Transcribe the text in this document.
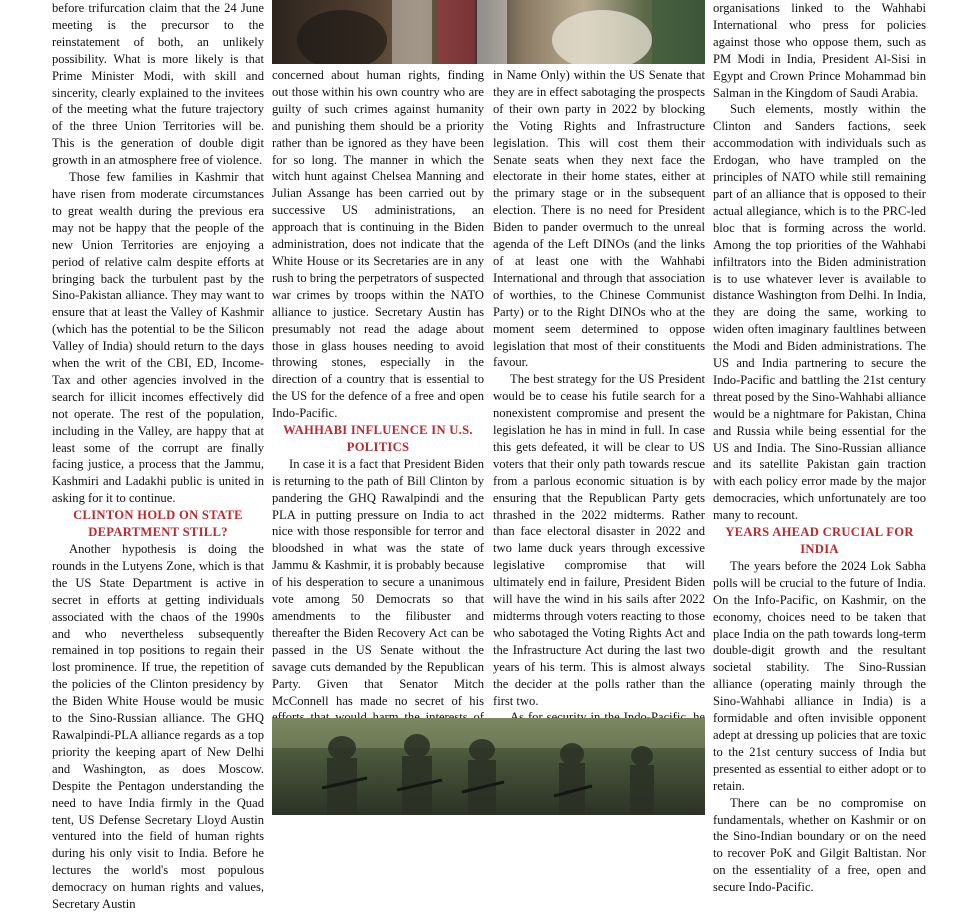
before trifurcation claim that the 24 June meeting is the precursor to the reinstatement of both, an unlikely possibility. What is more likely is that Prime Minister Modi, with skill and sincerity, clearly explained to the invitees of the meeting what the future trajectory of the three Union Territories will be. This is the generation of double digit growth in an atmosphere free of violence.

Those few families in Kashmir that have risen from moderate circumstances to great wealth during the previous era may not be happy that the people of the new Union Territories are enjoying a period of relative calm despite efforts at bringing back the turbulent past by the Sino-Pakistan alliance. They may want to ensure that at least the Valley of Kashmir (which has the potential to be the Silicon Valley of India) should return to the days when the writ of the CBI, ED, Income-Tax and other agencies involved in the search for illicit incomes effectively did not operate. The rest of the population, including in the Valley, are happy that at least some of the corrupt are finally facing justice, a process that the Jammu, Kashmiri and Ladakhi public is united in asking for it to continue.

CLINTON HOLD ON STATE DEPARTMENT STILL?

Another hypothesis is doing the rounds in the Lutyens Zone, which is that the US State Department is active in secret in efforts at getting individuals associated with the chaos of the 1990s and who nevertheless subsequently remained in top positions to regain their lost prominence. If true, the repetition of the policies of the Clinton presidency by the Biden White House would be music to the Sino-Russian alliance. The GHQ Rawalpindi-PLA alliance regards as a top priority the keeping apart of New Delhi and Washington, as does Moscow. Despite the Pentagon understanding the need to have India firmly in the Quad tent, US Defense Secretary Lloyd Austin ventured into the field of human rights during his only visit to India. Before he lectures the world's most populous democracy on human rights and values, Secretary Austin

concerned about human rights, finding out those within his own country who are guilty of such crimes against humanity and punishing them should be a priority rather than be ignored as they have been for so long. The manner in which the witch hunt against Chelsea Manning and Julian Assange has been carried out by successive US administrations, an approach that is continuing in the Biden administration, does not indicate that the White House or its Secretaries are in any rush to bring the perpetrators of suspected war crimes by troops within the NATO alliance to justice. Secretary Austin has presumably not read the adage about those in glass houses needing to avoid throwing stones, especially in the direction of a country that is essential to the US for the defence of a free and open Indo-Pacific.

WAHHABI INFLUENCE IN U.S. POLITICS

In case it is a fact that President Biden is returning to the path of Bill Clinton by pandering the GHQ Rawalpindi and the PLA in putting pressure on India to act nice with those responsible for terror and bloodshed in what was the state of Jammu & Kashmir, it is probably because of his desperation to secure a unanimous vote among 50 Democrats so that amendments to the filibuster and thereafter the Biden Recovery Act can be passed in the US Senate without the savage cuts demanded by the Republican Party. Given that Senator Mitch McConnell has made no secret of his

in Name Only) within the US Senate that they are in effect sabotaging the prospects of their own party in 2022 by blocking the Voting Rights and Infrastructure legislation. This will cost them their Senate seats when they next face the electorate in their home states, either at the primary stage or in the subsequent election. There is no need for President Biden to pander overmuch to the unreal agenda of the Left DINOs (and the links of at least one with the Wahhabi International and through that association of worthies, to the Chinese Communist Party) or to the Right DINOs who at the moment seem determined to oppose legislation that most of their constituents favour.

The best strategy for the US President would be to cease his futile search for a nonexistent compromise and present the legislation he has in mind in full. In case this gets defeated, it will be clear to US voters that their only path towards rescue from a parlous economic situation is by ensuring that the Republican Party gets thrashed in the 2022 midterms. Rather than face electoral disaster in 2022 and two lame duck years through excessive legislative compromise that will ultimately end in failure, President Biden will have the wind in his sails after 2022 midterms through voters reacting to those who sabotaged the Voting Rights Act and the Infrastructure Act during the last two years of his term. This is almost always the decider at the polls rather than the first two.

organisations linked to the Wahhabi International who press for policies against those who oppose them, such as PM Modi in India, President Al-Sisi in Egypt and Crown Prince Mohammad bin Salman in the Kingdom of Saudi Arabia.

Such elements, mostly within the Clinton and Sanders factions, seek accommodation with individuals such as Erdogan, who have trampled on the principles of NATO while still remaining part of an alliance that is opposed to their actual allegiance, which is to the PRC-led bloc that is forming across the world. Among the top priorities of the Wahhabi infiltrators into the Biden administration is to use whatever lever is available to distance Washington from Delhi. In India, they are doing the same, working to widen often imaginary faultlines between the Modi and Biden administrations. The US and India partnering to secure the Indo-Pacific and battling the 21st century threat posed by the Sino-Wahhabi alliance would be a nightmare for Pakistan, China and Russia while being essential for the US and India. The Sino-Russian alliance and its satellite Pakistan gain traction with each policy error made by the major democracies, which unfortunately are too many to recount.

YEARS AHEAD CRUCIAL FOR INDIA

The years before the 2024 Lok Sabha polls will be crucial to the future of India. On the Info-Pacific, on Kashmir, on the economy, choices need to be taken that place India on the path towards long-term double-digit growth and the resultant societal stability. The Sino-Russian alliance (operating mainly through the Sino-Wahhabi alliance in India) is a formidable and often invisible opponent adept at dressing up policies that are toxic to the 21st century success of India but presented as essential to either adopt or to retain.

There can be no compromise on fundamentals, whether on Kashmir or on the Sino-Indian boundary or on the need to recover PoK and Gilgit Baltistan. Nor on the essentiality of a free, open and secure Indo-Pacific.
